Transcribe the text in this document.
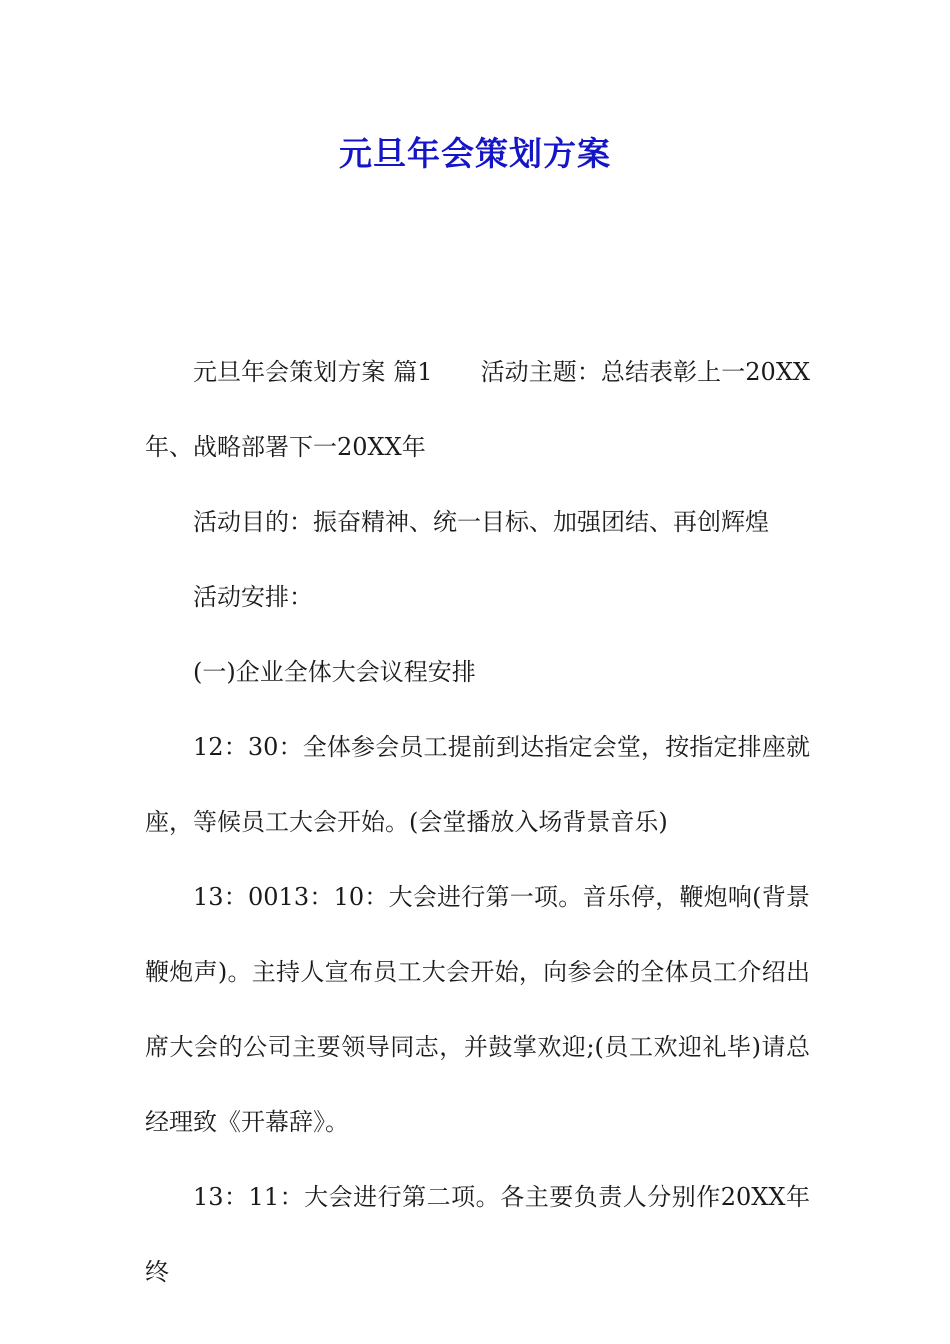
元旦年会策划方案

元旦年会策划方案 篇1 活动主题：总结表彰上一20XX年、战略部署下一20XX年

活动目的：振奋精神、统一目标、加强团结、再创辉煌

活动安排：

(一)企业全体大会议程安排

12：30：全体参会员工提前到达指定会堂，按指定排座就座，等候员工大会开始。(会堂播放入场背景音乐)

13：0013：10：大会进行第一项。音乐停，鞭炮响(背景鞭炮声)。主持人宣布员工大会开始，向参会的全体员工介绍出席大会的公司主要领导同志，并鼓掌欢迎;(员工欢迎礼毕)请总经理致《开幕辞》。

13：11：大会进行第二项。各主要负责人分别作20XX年终
